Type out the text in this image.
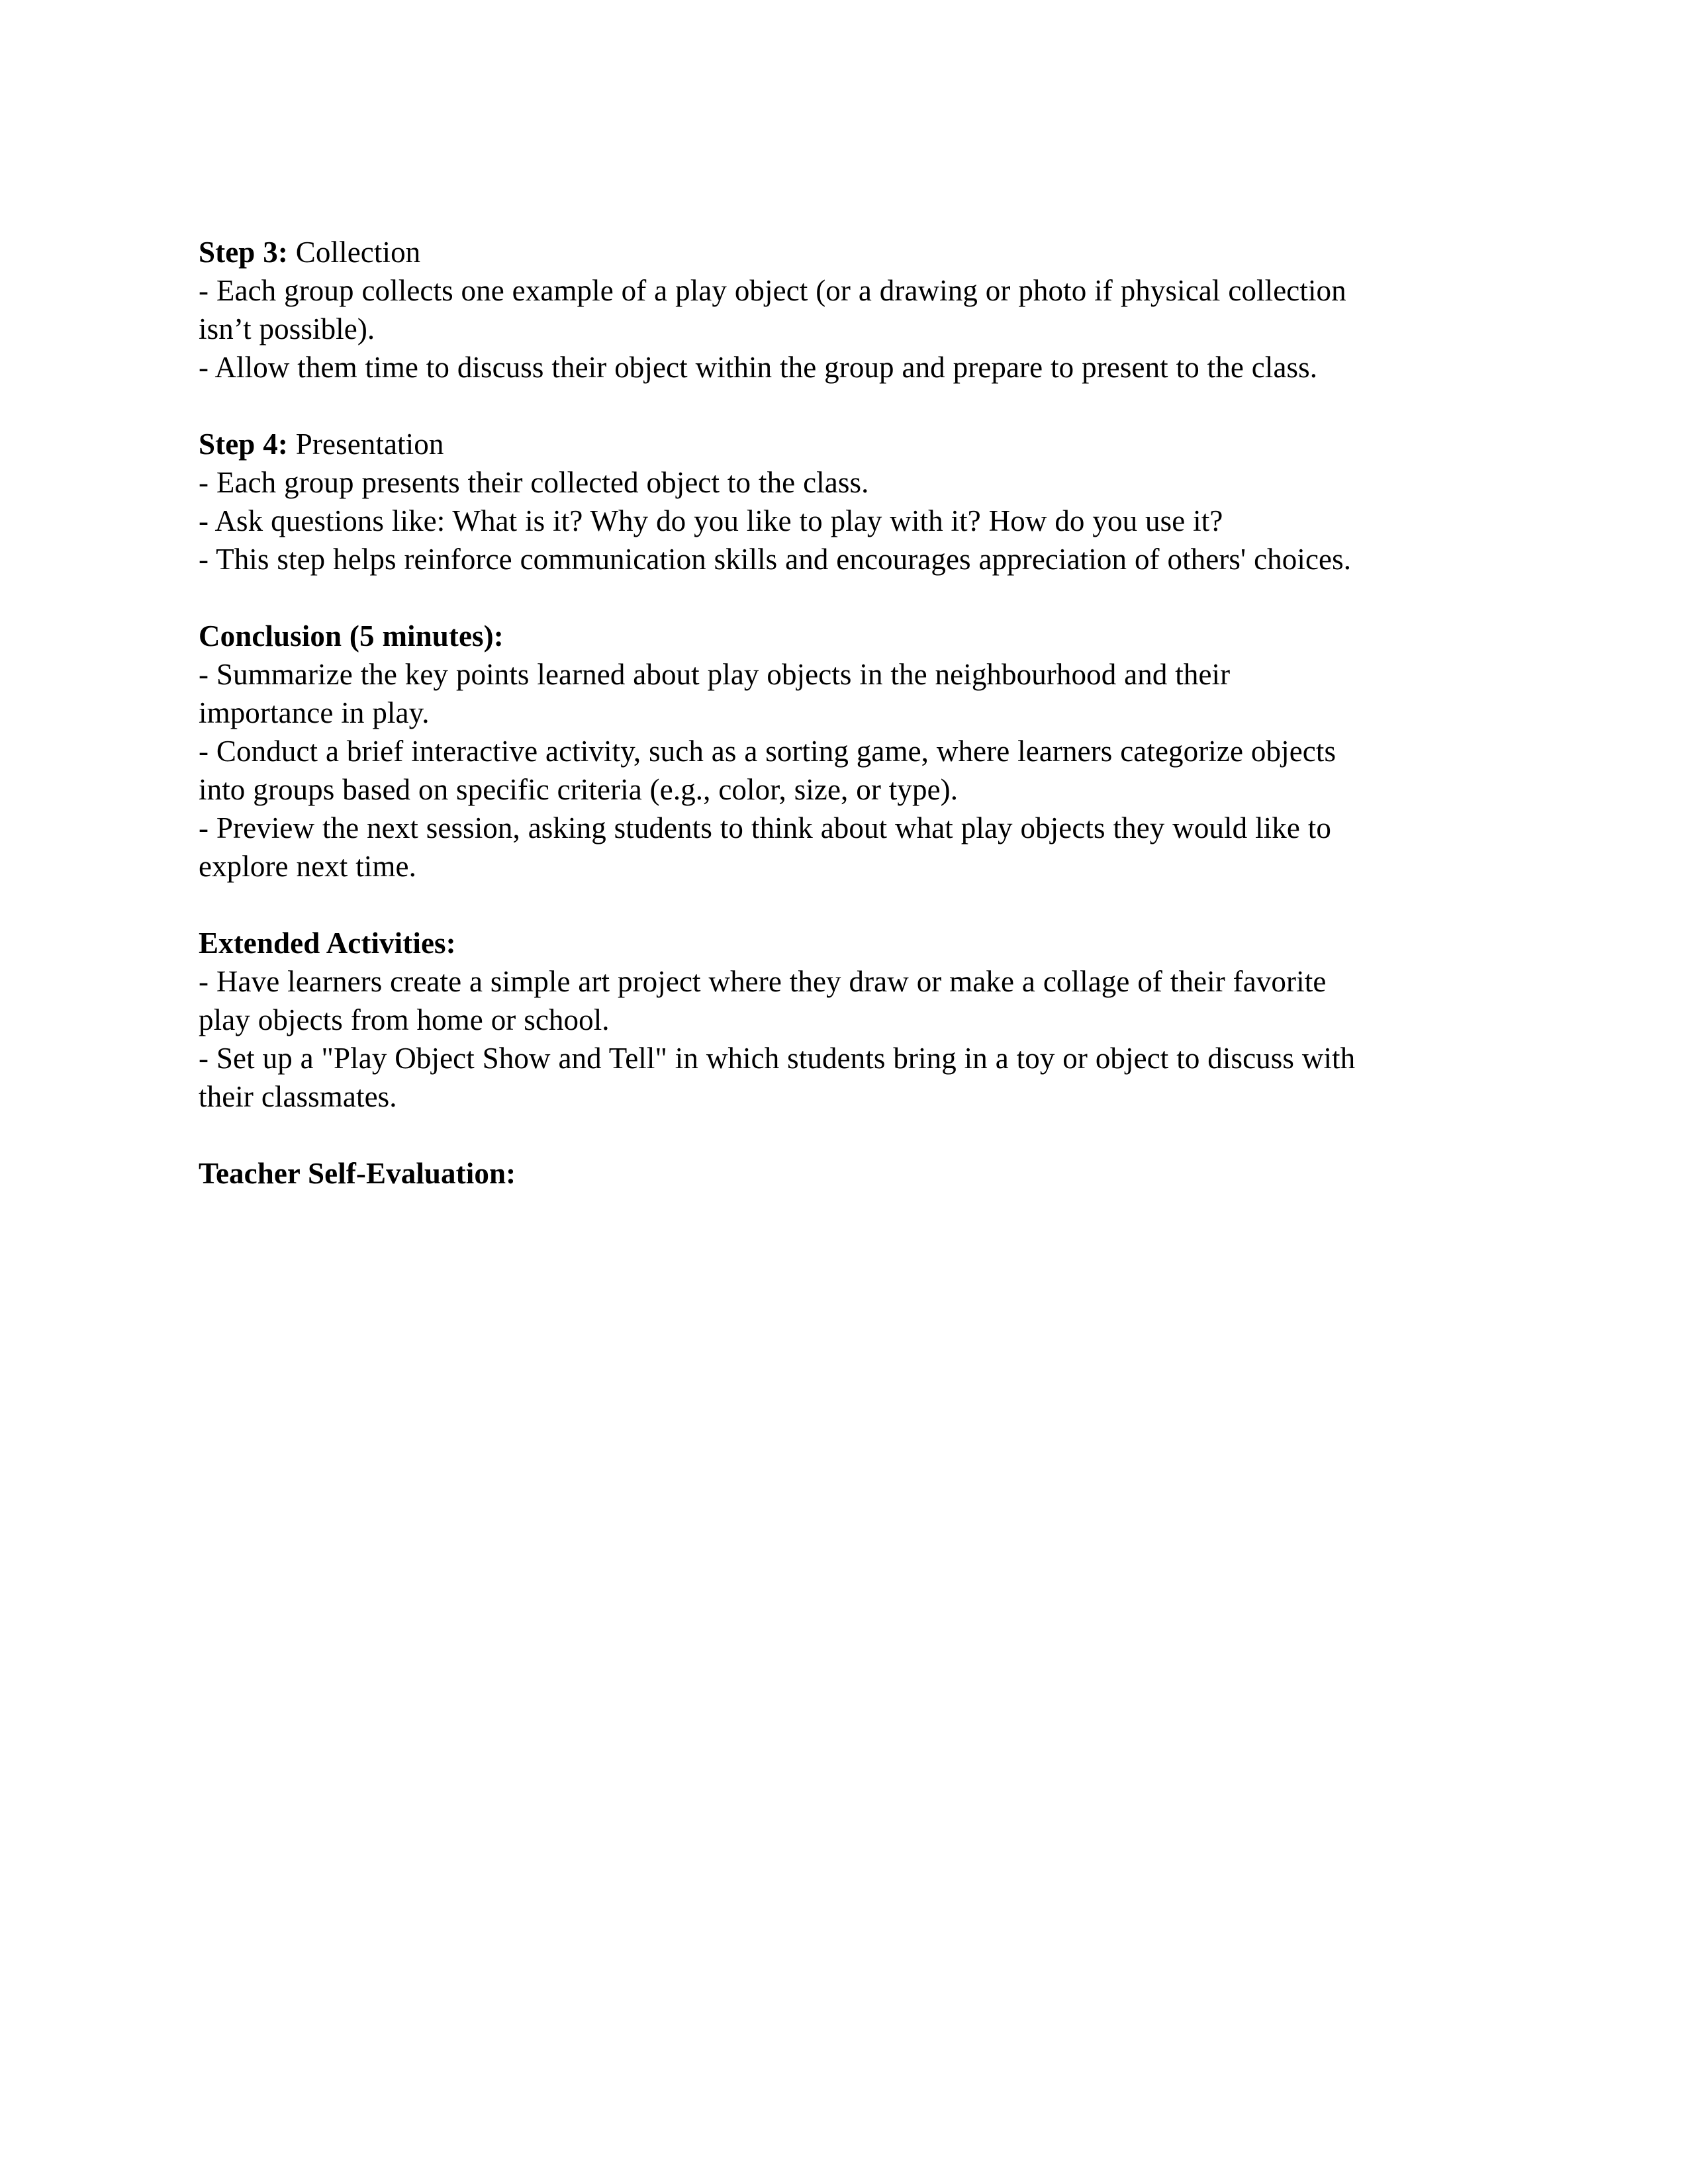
Step 3: Collection
- Each group collects one example of a play object (or a drawing or photo if physical collection
isn’t possible).
- Allow them time to discuss their object within the group and prepare to present to the class.
Step 4: Presentation
- Each group presents their collected object to the class.
- Ask questions like: What is it? Why do you like to play with it? How do you use it?
- This step helps reinforce communication skills and encourages appreciation of others' choices.
Conclusion (5 minutes):
- Summarize the key points learned about play objects in the neighbourhood and their
importance in play.
- Conduct a brief interactive activity, such as a sorting game, where learners categorize objects
into groups based on specific criteria (e.g., color, size, or type).
- Preview the next session, asking students to think about what play objects they would like to
explore next time.
Extended Activities:
- Have learners create a simple art project where they draw or make a collage of their favorite
play objects from home or school.
- Set up a "Play Object Show and Tell" in which students bring in a toy or object to discuss with
their classmates.
Teacher Self-Evaluation:
